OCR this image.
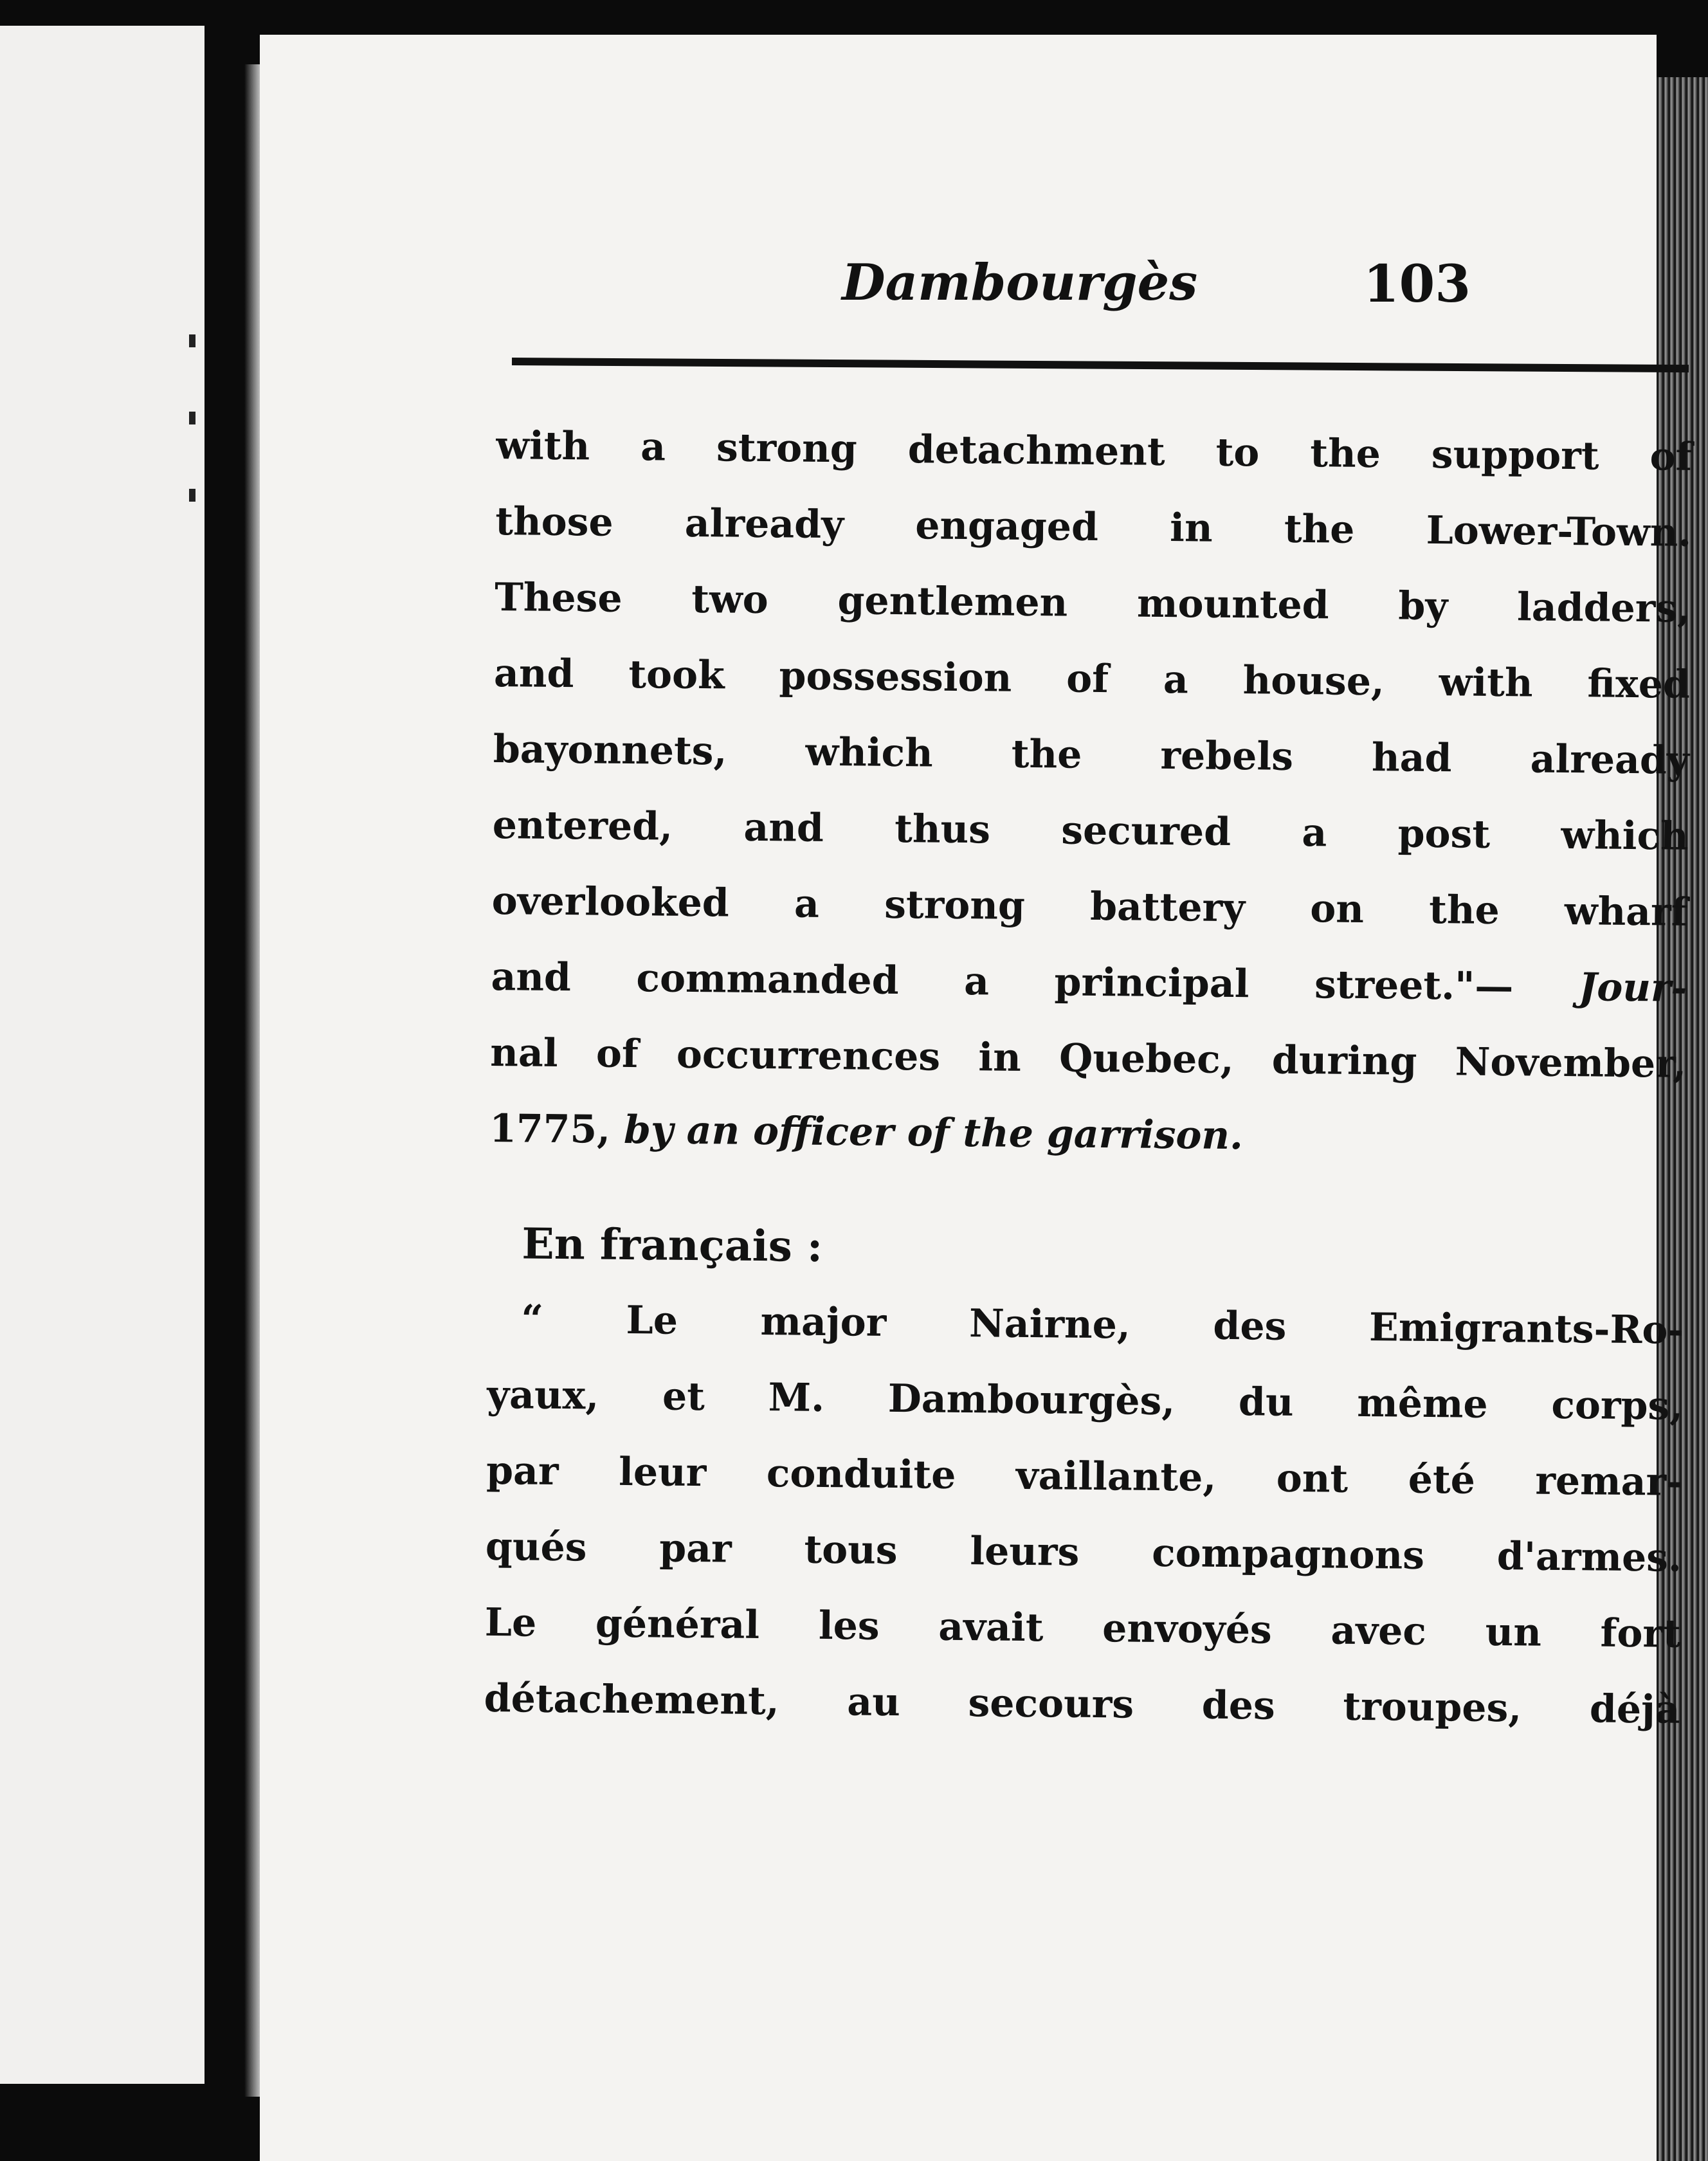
Dambourgès	103
with a strong detachment to the support of
those already engaged in the Lower-Town.
These two gentlemen mounted by ladders,
and took possession of a house, with fixed
bayonnets, which the rebels had already
entered, and thus secured a post which
overlooked a strong battery on the wharf
and commanded a principal street."— Jour-
nal of occurrences in Quebec, during November,
1775, by an officer of the garrison.
En français :
“ Le major Nairne, des Emigrants-Ro-
yaux, et M. Dambourgès, du même corps,
par leur conduite vaillante, ont été remar-
qués par tous leurs compagnons d'armes.
Le général les avait envoyés avec un fort
détachement, au secours des troupes, déjà
